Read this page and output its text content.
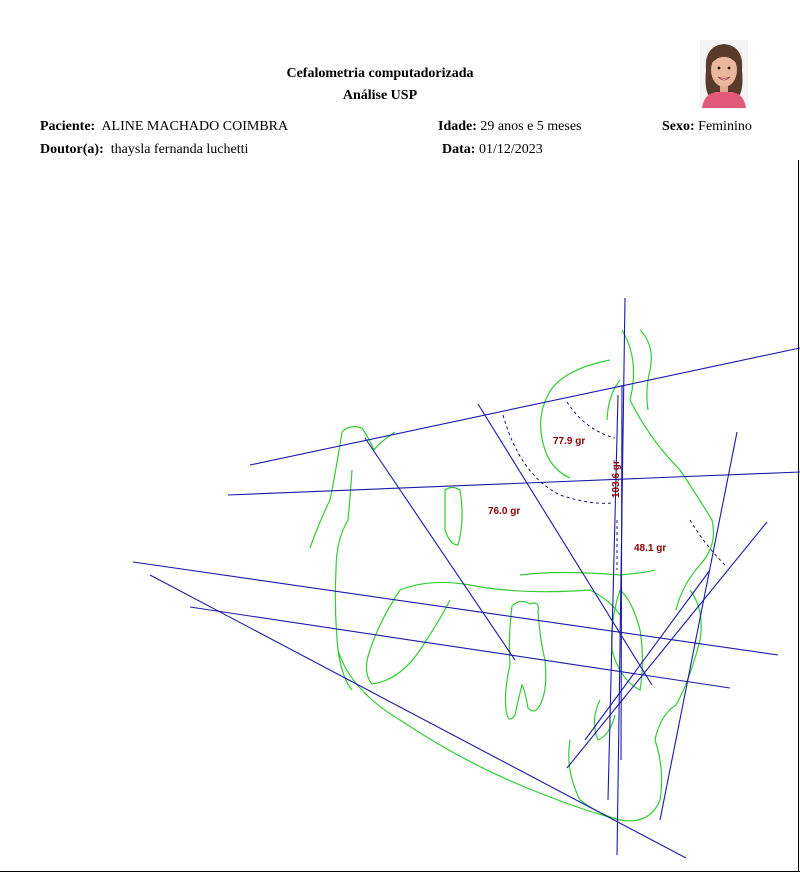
Cefalometria computadorizada
Análise USP
Paciente: ALINE MACHADO COIMBRA	Idade: 29 anos e 5 meses	Sexo: Feminino
Doutor(a): thaysla fernanda luchetti	Data: 01/12/2023
77.9 gr
103.6 gr
76.0 gr
48.1 gr
